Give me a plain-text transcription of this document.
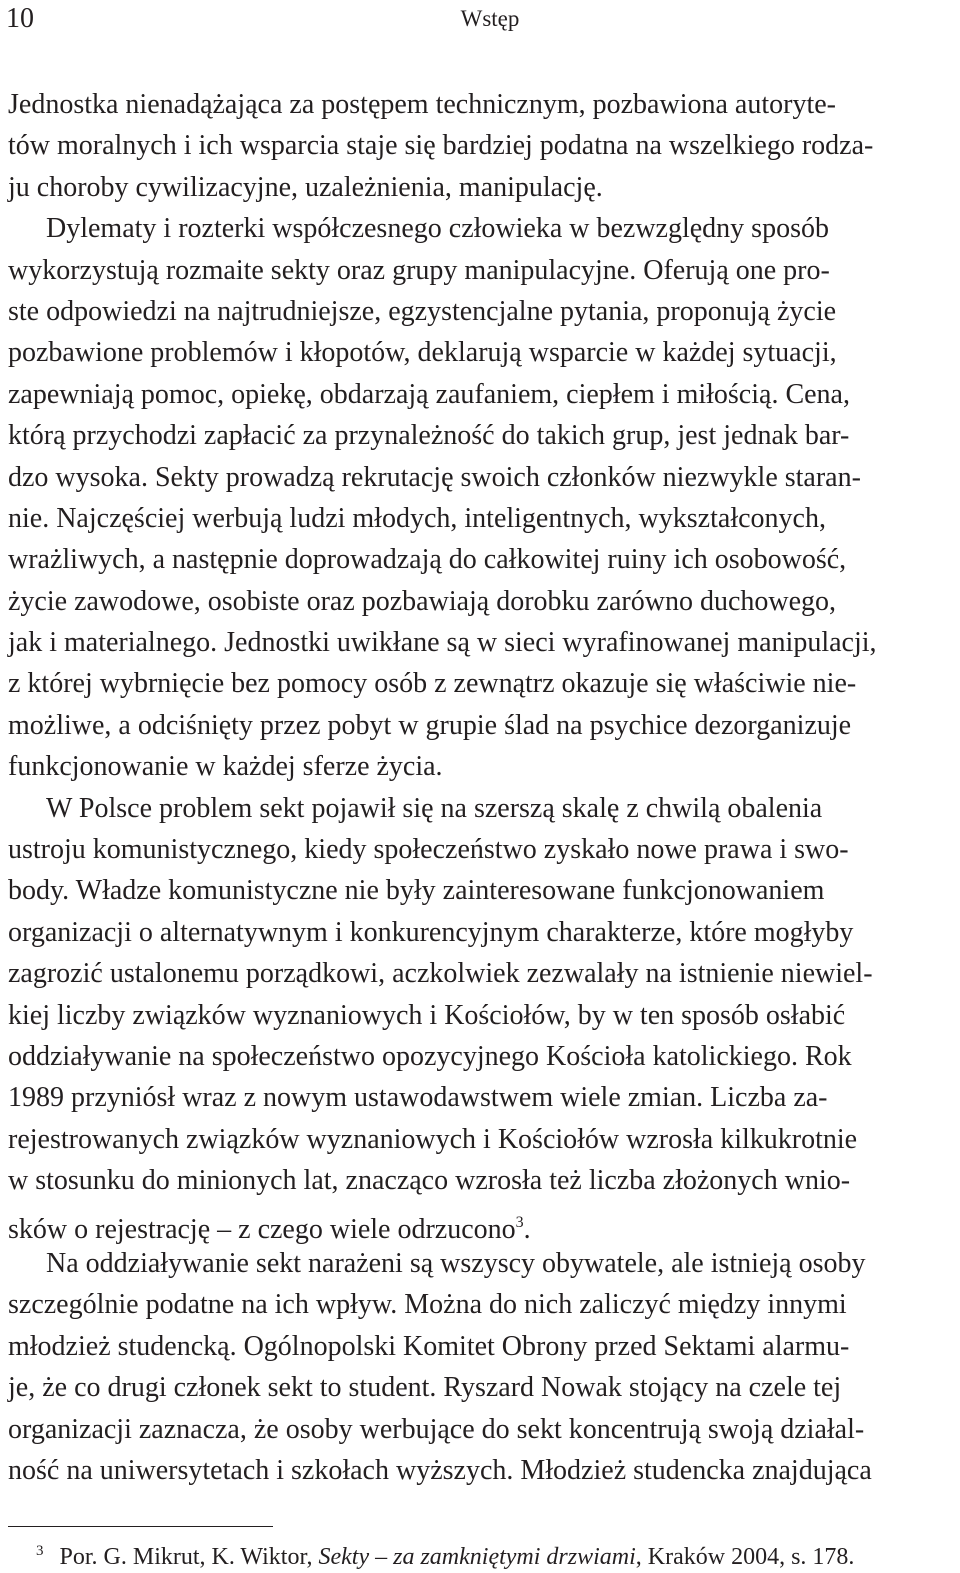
10	Wstęp
Jednostka nienadążająca za postępem technicznym, pozbawiona autoryte-
tów moralnych i ich wsparcia staje się bardziej podatna na wszelkiego rodza-
ju choroby cywilizacyjne, uzależnienia, manipulację.
Dylematy i rozterki współczesnego człowieka w bezwzględny sposób
wykorzystują rozmaite sekty oraz grupy manipulacyjne. Oferują one pro-
ste odpowiedzi na najtrudniejsze, egzystencjalne pytania, proponują życie
pozbawione problemów i kłopotów, deklarują wsparcie w każdej sytuacji,
zapewniają pomoc, opiekę, obdarzają zaufaniem, ciepłem i miłością. Cena,
którą przychodzi zapłacić za przynależność do takich grup, jest jednak bar-
dzo wysoka. Sekty prowadzą rekrutację swoich członków niezwykle staran-
nie. Najczęściej werbują ludzi młodych, inteligentnych, wykształconych,
wrażliwych, a następnie doprowadzają do całkowitej ruiny ich osobowość,
życie zawodowe, osobiste oraz pozbawiają dorobku zarówno duchowego,
jak i materialnego. Jednostki uwikłane są w sieci wyrafinowanej manipulacji,
z której wybrnięcie bez pomocy osób z zewnątrz okazuje się właściwie nie-
możliwe, a odciśnięty przez pobyt w grupie ślad na psychice dezorganizuje
funkcjonowanie w każdej sferze życia.
W Polsce problem sekt pojawił się na szerszą skalę z chwilą obalenia
ustroju komunistycznego, kiedy społeczeństwo zyskało nowe prawa i swo-
body. Władze komunistyczne nie były zainteresowane funkcjonowaniem
organizacji o alternatywnym i konkurencyjnym charakterze, które mogłyby
zagrozić ustalonemu porządkowi, aczkolwiek zezwalały na istnienie niewiel-
kiej liczby związków wyznaniowych i Kościołów, by w ten sposób osłabić
oddziaływanie na społeczeństwo opozycyjnego Kościoła katolickiego. Rok
1989 przyniósł wraz z nowym ustawodawstwem wiele zmian. Liczba za-
rejestrowanych związków wyznaniowych i Kościołów wzrosła kilkukrotnie
w stosunku do minionych lat, znacząco wzrosła też liczba złożonych wnio-
sków o rejestrację – z czego wiele odrzucono$^3$.
Na oddziaływanie sekt narażeni są wszyscy obywatele, ale istnieją osoby
szczególnie podatne na ich wpływ. Można do nich zaliczyć między innymi
młodzież studencką. Ogólnopolski Komitet Obrony przed Sektami alarmu-
je, że co drugi członek sekt to student. Ryszard Nowak stojący na czele tej
organizacji zaznacza, że osoby werbujące do sekt koncentrują swoją działal-
ność na uniwersytetach i szkołach wyższych. Młodzież studencka znajdująca
$^3$ Por. G. Mikrut, K. Wiktor, Sekty – za zamkniętymi drzwiami, Kraków 2004, s. 178.
